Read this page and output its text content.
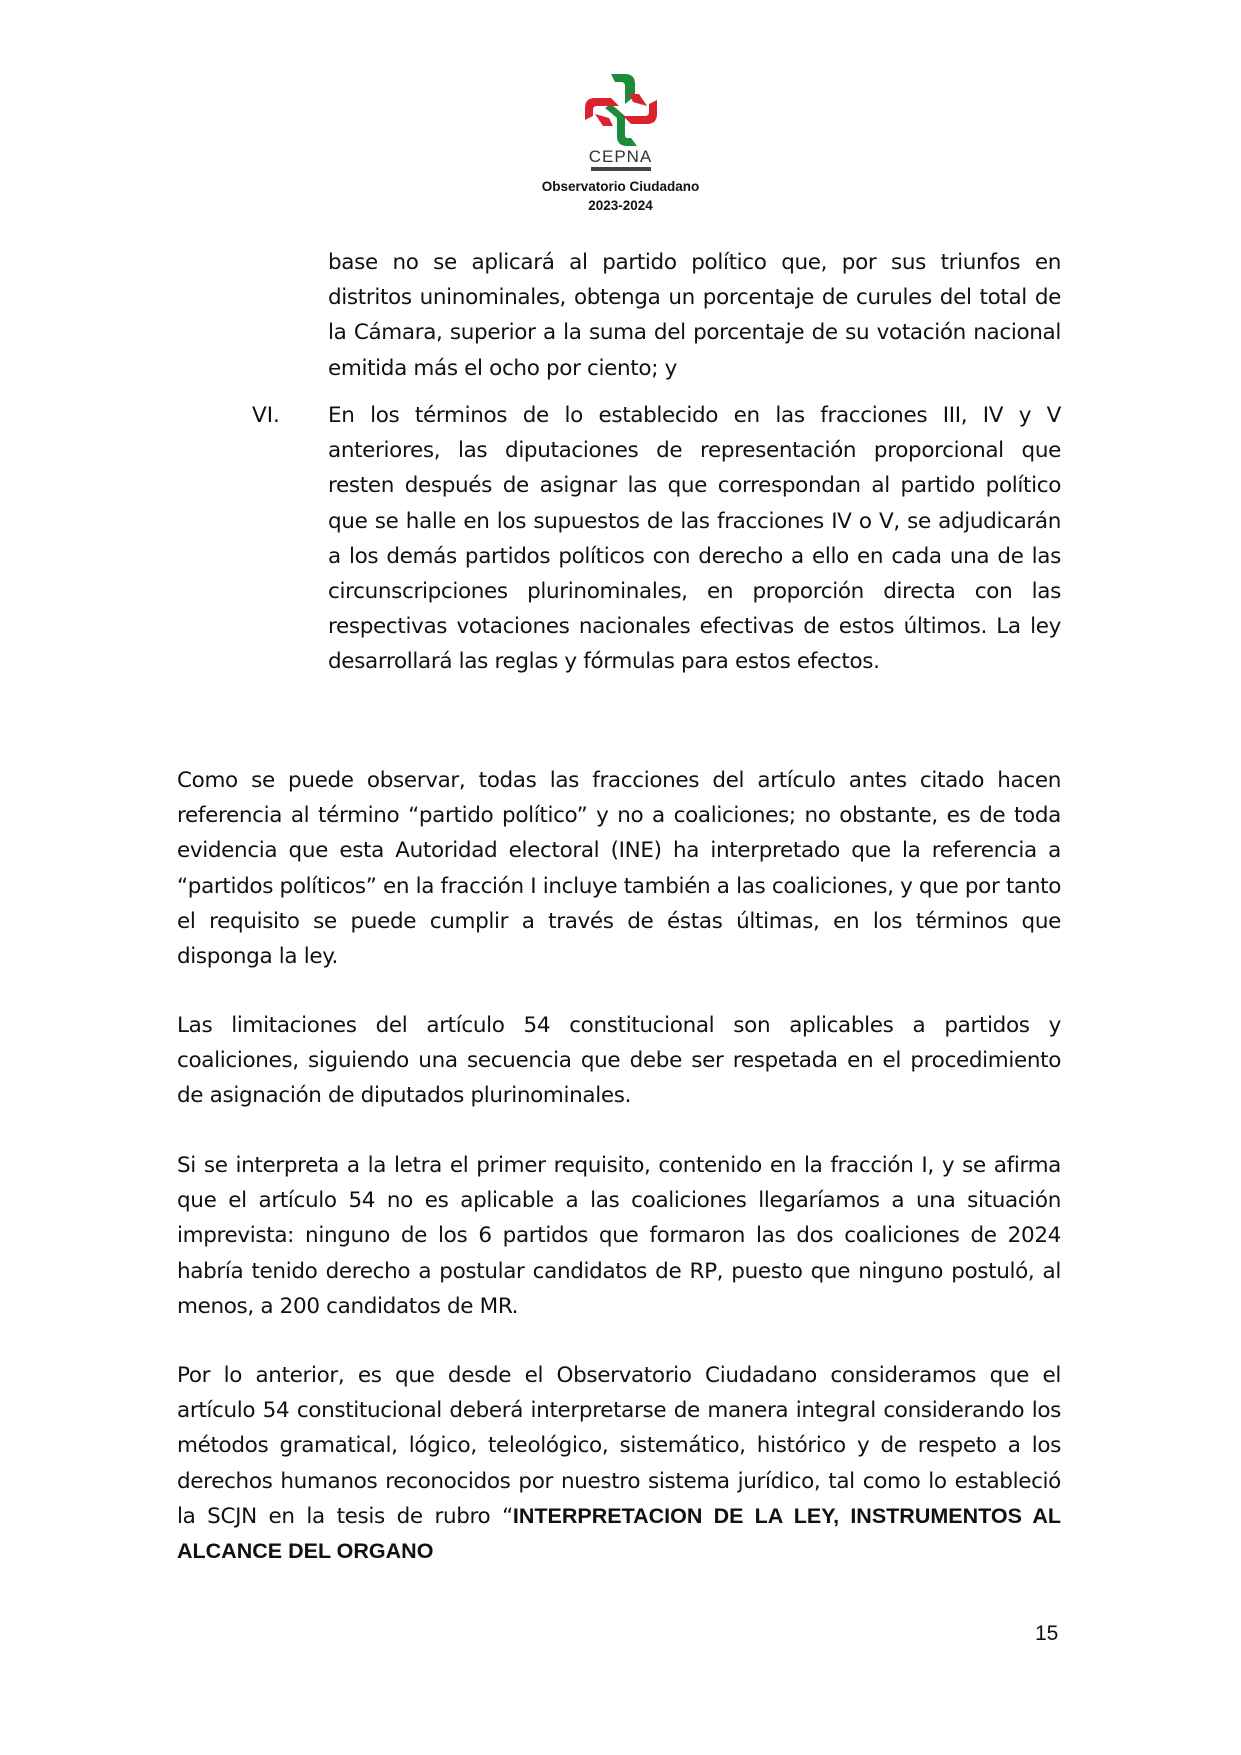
CEPNA
Observatorio Ciudadano
2023-2024
base no se aplicará al partido político que, por sus triunfos en distritos uninominales, obtenga un porcentaje de curules del total de la Cámara, superior a la suma del porcentaje de su votación nacional emitida más el ocho por ciento; y
VI. En los términos de lo establecido en las fracciones III, IV y V anteriores, las diputaciones de representación proporcional que resten después de asignar las que correspondan al partido político que se halle en los supuestos de las fracciones IV o V, se adjudicarán a los demás partidos políticos con derecho a ello en cada una de las circunscripciones plurinominales, en proporción directa con las respectivas votaciones nacionales efectivas de estos últimos. La ley desarrollará las reglas y fórmulas para estos efectos.
Como se puede observar, todas las fracciones del artículo antes citado hacen referencia al término “partido político” y no a coaliciones; no obstante, es de toda evidencia que esta Autoridad electoral (INE) ha interpretado que la referencia a “partidos políticos” en la fracción I incluye también a las coaliciones, y que por tanto el requisito se puede cumplir a través de éstas últimas, en los términos que disponga la ley.
Las limitaciones del artículo 54 constitucional son aplicables a partidos y coaliciones, siguiendo una secuencia que debe ser respetada en el procedimiento de asignación de diputados plurinominales.
Si se interpreta a la letra el primer requisito, contenido en la fracción I, y se afirma que el artículo 54 no es aplicable a las coaliciones llegaríamos a una situación imprevista: ninguno de los 6 partidos que formaron las dos coaliciones de 2024 habría tenido derecho a postular candidatos de RP, puesto que ninguno postuló, al menos, a 200 candidatos de MR.
Por lo anterior, es que desde el Observatorio Ciudadano consideramos que el artículo 54 constitucional deberá interpretarse de manera integral considerando los métodos gramatical, lógico, teleológico, sistemático, histórico y de respeto a los derechos humanos reconocidos por nuestro sistema jurídico, tal como lo estableció la SCJN en la tesis de rubro “INTERPRETACION DE LA LEY, INSTRUMENTOS AL ALCANCE DEL ORGANO
15
